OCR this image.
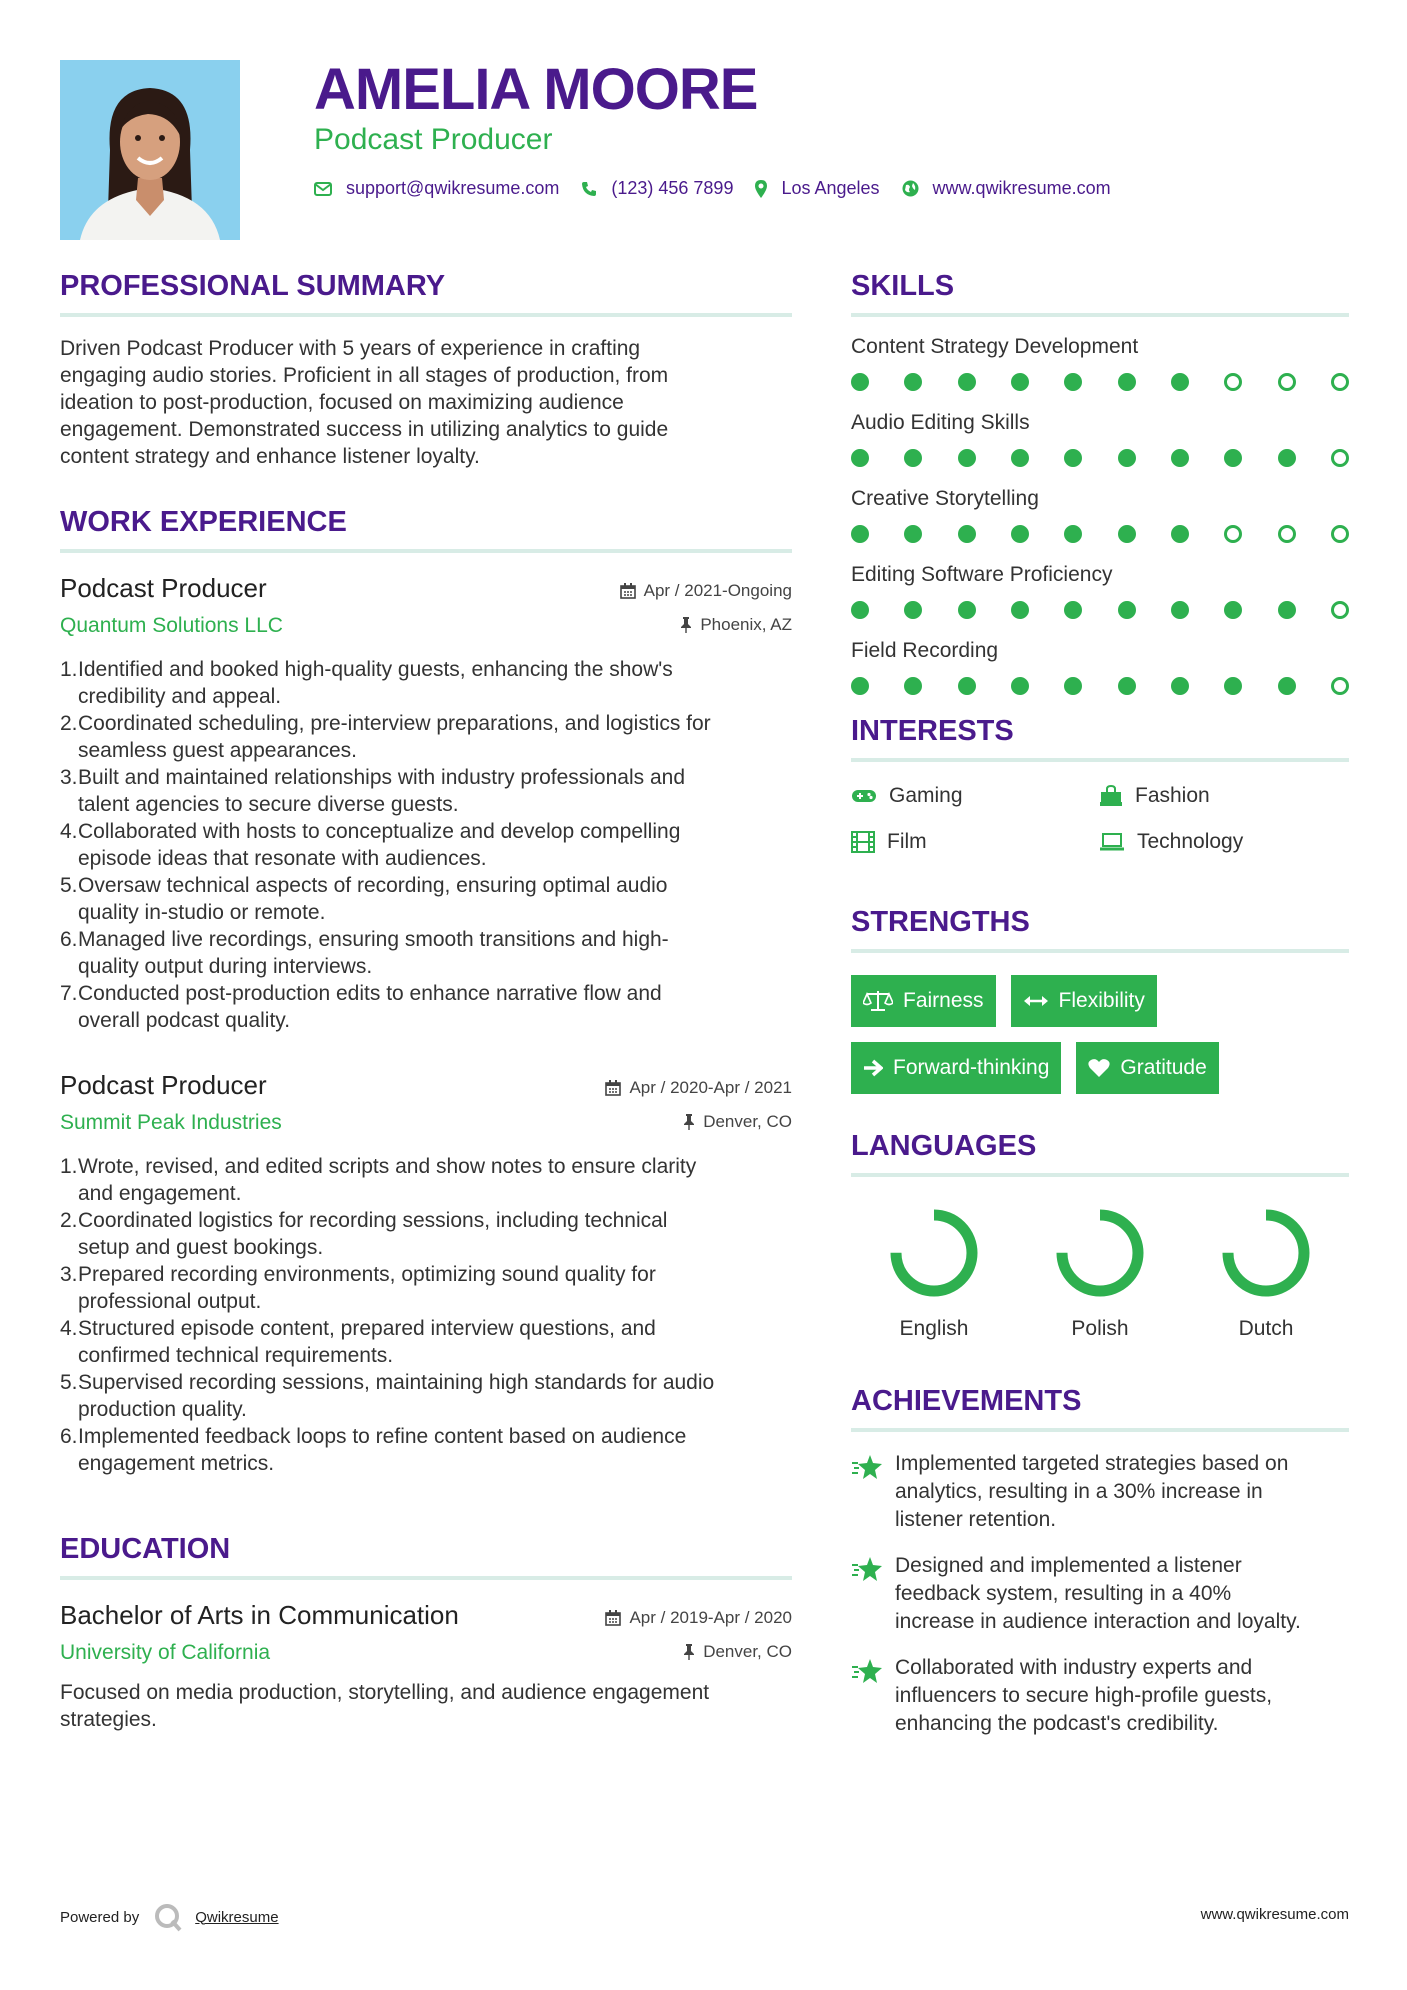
AMELIA MOORE
Podcast Producer
support@qwikresume.com	(123) 456 7899	Los Angeles	www.qwikresume.com
PROFESSIONAL SUMMARY
Driven Podcast Producer with 5 years of experience in crafting
engaging audio stories. Proficient in all stages of production, from
ideation to post-production, focused on maximizing audience
engagement. Demonstrated success in utilizing analytics to guide
content strategy and enhance listener loyalty.
WORK EXPERIENCE
Apr / 2021-Ongoing
Phoenix, AZ
Podcast Producer
Quantum Solutions LLC
1. Identified and booked high-quality guests, enhancing the show's
credibility and appeal.
2. Coordinated scheduling, pre-interview preparations, and logistics for
seamless guest appearances.
3. Built and maintained relationships with industry professionals and
talent agencies to secure diverse guests.
4. Collaborated with hosts to conceptualize and develop compelling
episode ideas that resonate with audiences.
5. Oversaw technical aspects of recording, ensuring optimal audio
quality in-studio or remote.
6. Managed live recordings, ensuring smooth transitions and high-
quality output during interviews.
7. Conducted post-production edits to enhance narrative flow and
overall podcast quality.
Apr / 2020-Apr / 2021
Denver, CO
Podcast Producer
Summit Peak Industries
1. Wrote, revised, and edited scripts and show notes to ensure clarity
and engagement.
2. Coordinated logistics for recording sessions, including technical
setup and guest bookings.
3. Prepared recording environments, optimizing sound quality for
professional output.
4. Structured episode content, prepared interview questions, and
confirmed technical requirements.
5. Supervised recording sessions, maintaining high standards for audio
production quality.
6. Implemented feedback loops to refine content based on audience
engagement metrics.
EDUCATION
Apr / 2019-Apr / 2020
Denver, CO
Bachelor of Arts in Communication
University of California
Focused on media production, storytelling, and audience engagement
strategies.
SKILLS
Content Strategy Development
Audio Editing Skills
Creative Storytelling
Editing Software Proficiency
Field Recording
INTERESTS
Gaming	Fashion
Film	Technology
STRENGTHS
Fairness	Flexibility
Forward-thinking	Gratitude
LANGUAGES
English	Polish	Dutch
ACHIEVEMENTS
Implemented targeted strategies based on
analytics, resulting in a 30% increase in
listener retention.
Designed and implemented a listener
feedback system, resulting in a 40%
increase in audience interaction and loyalty.
Collaborated with industry experts and
influencers to secure high-profile guests,
enhancing the podcast's credibility.
Powered by	Qwikresume	www.qwikresume.com
